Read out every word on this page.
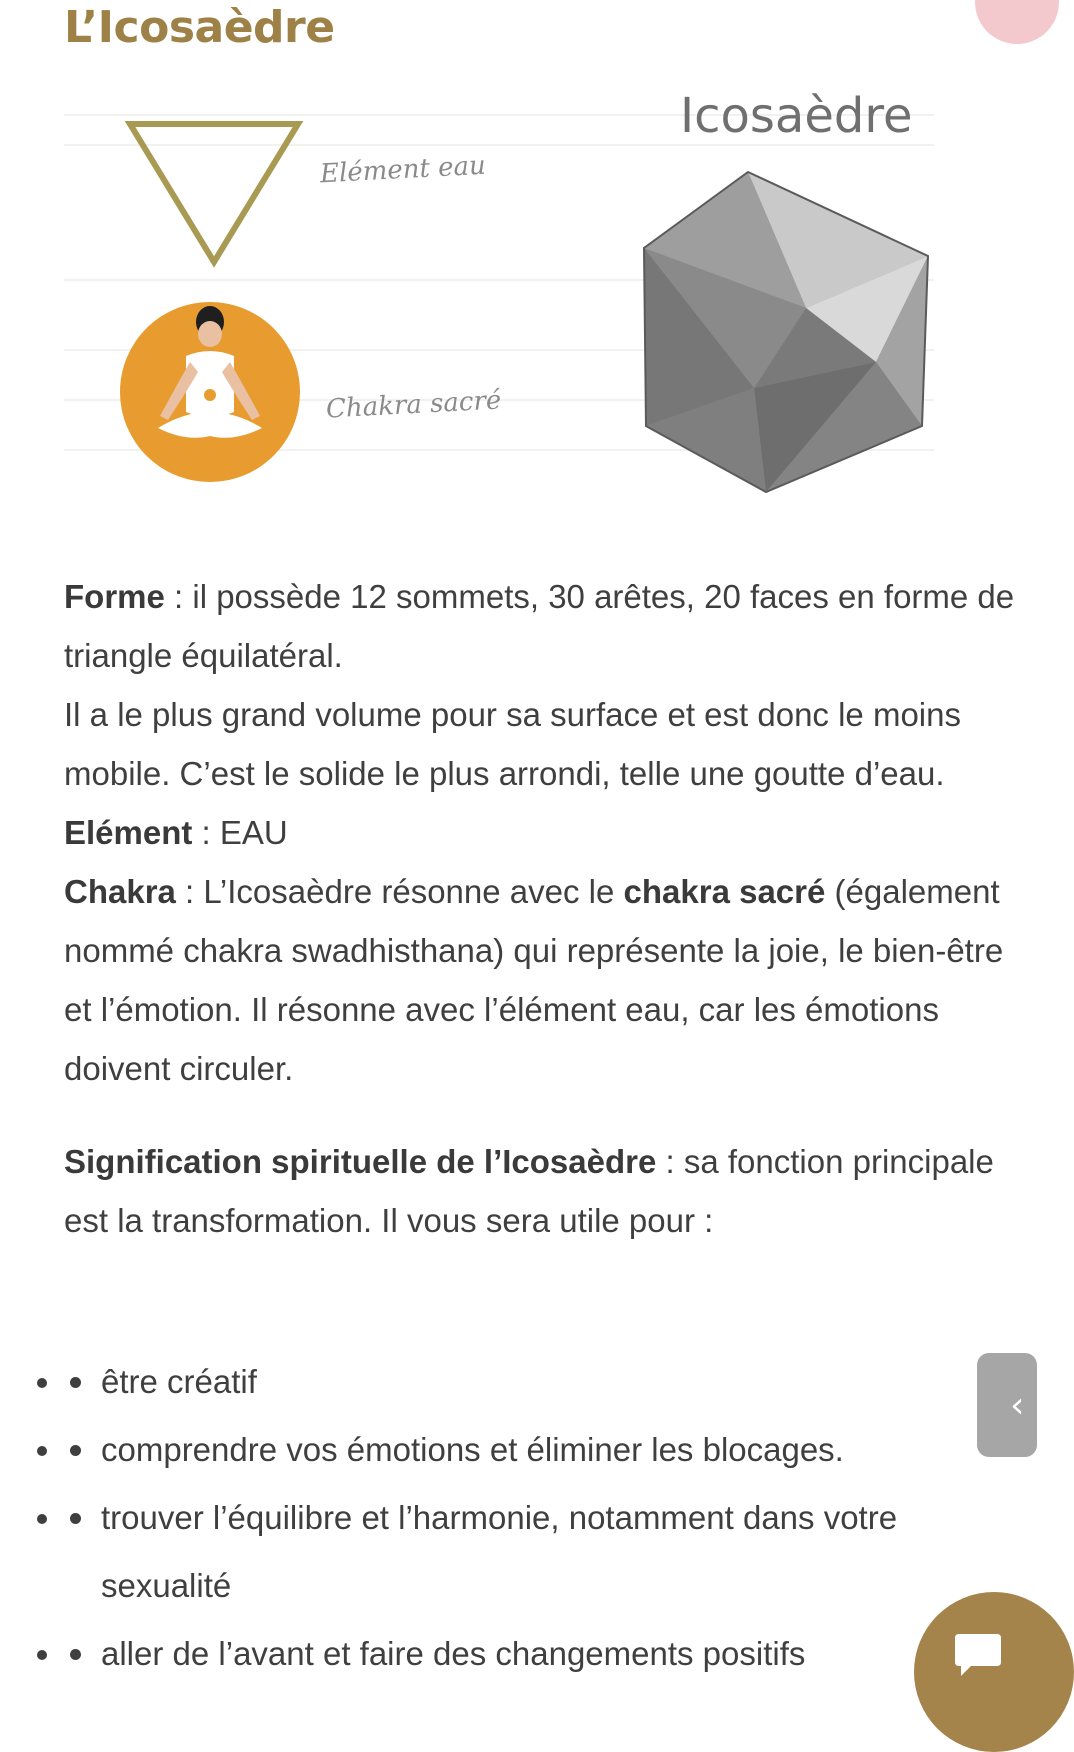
L’Icosaèdre
Elément eau
Chakra sacré
Icosaèdre

Forme : il possède 12 sommets, 30 arêtes, 20 faces en forme de triangle équilatéral.

Il a le plus grand volume pour sa surface et est donc le moins mobile. C’est le solide le plus arrondi, telle une goutte d’eau.

Elément : EAU

Chakra : L’Icosaèdre résonne avec le chakra sacré (également nommé chakra swadhisthana) qui représente la joie, le bien-être et l’émotion. Il résonne avec l’élément eau, car les émotions doivent circuler.

Signification spirituelle de l’Icosaèdre : sa fonction principale est la transformation. Il vous sera utile pour :

• être créatif
• comprendre vos émotions et éliminer les blocages.
• trouver l’équilibre et l’harmonie, notamment dans votre sexualité
• aller de l’avant et faire des changements positifs
‹
